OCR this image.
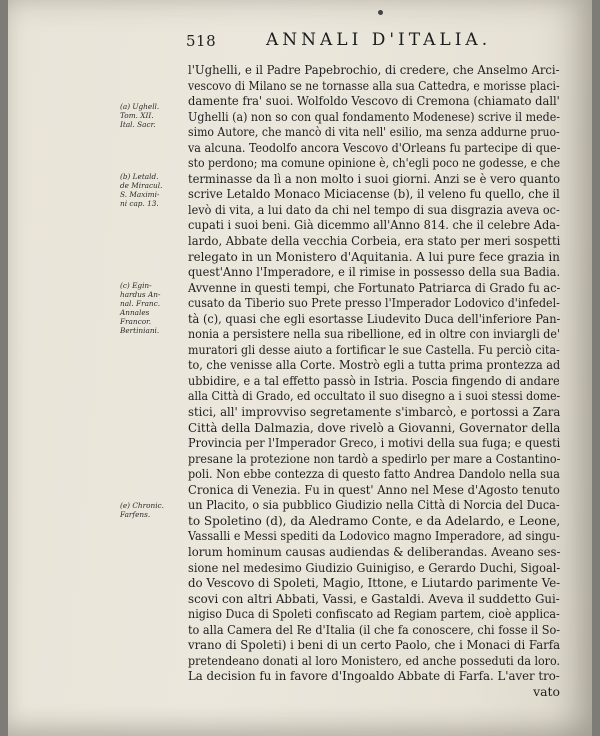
518	ANNALI D'ITALIA.
(a) Ughell.
Tom. XII.
Ital. Sacr.
(b) Letald.
de Miracul.
S. Maximi-
ni cap. 13.
(c) Egin-
hardus An-
nal. Franc.
Annales
Francor.
Bertiniani.
(e) Chronic.
Farfens.
l'Ughelli, e il Padre Papebrochio, di credere, che Anselmo Arci-
vescovo di Milano se ne tornasse alla sua Cattedra, e morisse placi-
damente fra' suoi. Wolfoldo Vescovo di Cremona (chiamato dall'
Ughelli (a) non so con qual fondamento Modenese) scrive il mede-
simo Autore, che mancò di vita nell' esilio, ma senza addurne pruo-
va alcuna. Teodolfo ancora Vescovo d'Orleans fu partecipe di que-
sto perdono; ma comune opinione è, ch'egli poco ne godesse, e che
terminasse da lì a non molto i suoi giorni. Anzi se è vero quanto
scrive Letaldo Monaco Miciacense (b), il veleno fu quello, che il
levò di vita, a lui dato da chi nel tempo di sua disgrazia aveva oc-
cupati i suoi beni. Già dicemmo all'Anno 814. che il celebre Ada-
lardo, Abbate della vecchia Corbeia, era stato per meri sospetti
relegato in un Monistero d'Aquitania. A lui pure fece grazia in
quest'Anno l'Imperadore, e il rimise in possesso della sua Badia.
Avvenne in questi tempi, che Fortunato Patriarca di Grado fu ac-
cusato da Tiberio suo Prete presso l'Imperador Lodovico d'infedel-
tà (c), quasi che egli esortasse Liudevito Duca dell'inferiore Pan-
nonia a persistere nella sua ribellione, ed in oltre con inviargli de'
muratori gli desse aiuto a fortificar le sue Castella. Fu perciò cita-
to, che venisse alla Corte. Mostrò egli a tutta prima prontezza ad
ubbidire, e a tal effetto passò in Istria. Poscia fingendo di andare
alla Città di Grado, ed occultato il suo disegno a i suoi stessi dome-
stici, all' improvviso segretamente s'imbarcò, e portossi a Zara
Città della Dalmazia, dove rivelò a Giovanni, Governator della
Provincia per l'Imperador Greco, i motivi della sua fuga; e questi
presane la protezione non tardò a spedirlo per mare a Costantino-
poli. Non ebbe contezza di questo fatto Andrea Dandolo nella sua
Cronica di Venezia. Fu in quest' Anno nel Mese d'Agosto tenuto
un Placito, o sia pubblico Giudizio nella Città di Norcia del Duca-
to Spoletino (d), da Aledramo Conte, e da Adelardo, e Leone,
Vassalli e Messi spediti da Lodovico magno Imperadore, ad singu-
lorum hominum causas audiendas & deliberandas. Aveano ses-
sione nel medesimo Giudizio Guinigiso, e Gerardo Duchi, Sigoal-
do Vescovo di Spoleti, Magio, Ittone, e Liutardo parimente Ve-
scovi con altri Abbati, Vassi, e Gastaldi. Aveva il suddetto Gui-
nigiso Duca di Spoleti confiscato ad Regiam partem, cioè applica-
to alla Camera del Re d'Italia (il che fa conoscere, chi fosse il So-
vrano di Spoleti) i beni di un certo Paolo, che i Monaci di Farfa
pretendeano donati al loro Monistero, ed anche posseduti da loro.
La decision fu in favore d'Ingoaldo Abbate di Farfa. L'aver tro-
vato
